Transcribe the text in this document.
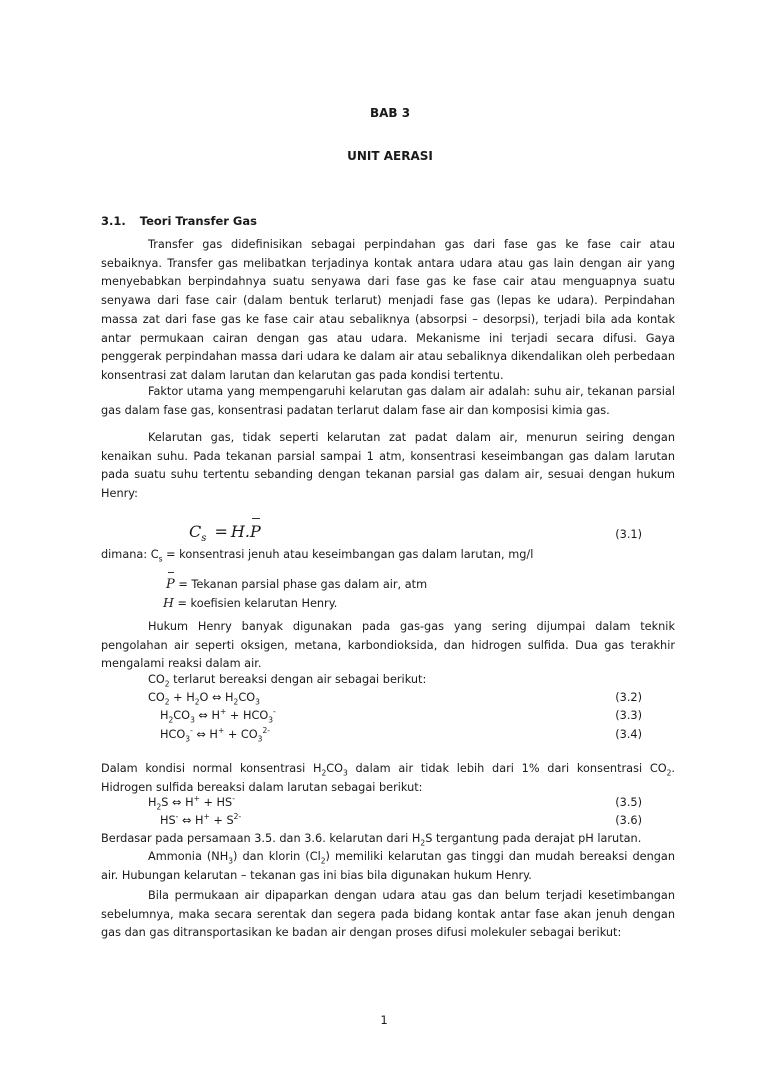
BAB 3
UNIT AERASI
3.1. Teori Transfer Gas

Transfer gas didefinisikan sebagai perpindahan gas dari fase gas ke fase cair atau sebaiknya. Transfer gas melibatkan terjadinya kontak antara udara atau gas lain dengan air yang menyebabkan berpindahnya suatu senyawa dari fase gas ke fase cair atau menguapnya suatu senyawa dari fase cair (dalam bentuk terlarut) menjadi fase gas (lepas ke udara). Perpindahan massa zat dari fase gas ke fase cair atau sebaliknya (absorpsi – desorpsi), terjadi bila ada kontak antar permukaan cairan dengan gas atau udara. Mekanisme ini terjadi secara difusi. Gaya penggerak perpindahan massa dari udara ke dalam air atau sebaliknya dikendalikan oleh perbedaan konsentrasi zat dalam larutan dan kelarutan gas pada kondisi tertentu.

Faktor utama yang mempengaruhi kelarutan gas dalam air adalah: suhu air, tekanan parsial gas dalam fase gas, konsentrasi padatan terlarut dalam fase air dan komposisi kimia gas.

Kelarutan gas, tidak seperti kelarutan zat padat dalam air, menurun seiring dengan kenaikan suhu. Pada tekanan parsial sampai 1 atm, konsentrasi keseimbangan gas dalam larutan pada suatu suhu tertentu sebanding dengan tekanan parsial gas dalam air, sesuai dengan hukum Henry:

$C_s = H.P$	(3.1)
dimana: $C_s$ = konsentrasi jenuh atau keseimbangan gas dalam larutan, mg/l
P = Tekanan parsial phase gas dalam air, atm
H = koefisien kelarutan Henry.

Hukum Henry banyak digunakan pada gas-gas yang sering dijumpai dalam teknik pengolahan air seperti oksigen, metana, karbondioksida, dan hidrogen sulfida. Dua gas terakhir mengalami reaksi dalam air.

$CO_2$ terlarut bereaksi dengan air sebagai berikut:
$CO_2 + H_2O$ ⇔ $H_2CO_3$	(3.2)
$H_2CO_3$ ⇔ $H^+ + HCO_3^-$	(3.3)
$HCO_3^-$ ⇔ $H^+ + CO_3^{2-}$	(3.4)

Dalam kondisi normal konsentrasi $H_2CO_3$ dalam air tidak lebih dari 1% dari konsentrasi $CO_2$. Hidrogen sulfida bereaksi dalam larutan sebagai berikut:

$H_2S$ ⇔ H+ + HS-	(3.5)
HS- ⇔ $H^+ + S^{2-}$	(3.6)
Berdasar pada persamaan 3.5. dan 3.6. kelarutan dari $H_2S$ tergantung pada derajat pH larutan.

Ammonia $(NH_3)$ dan klorin $(Cl_2)$ memiliki kelarutan gas tinggi dan mudah bereaksi dengan air. Hubungan kelarutan – tekanan gas ini bias bila digunakan hukum Henry.

Bila permukaan air dipaparkan dengan udara atau gas dan belum terjadi kesetimbangan sebelumnya, maka secara serentak dan segera pada bidang kontak antar fase akan jenuh dengan gas dan gas ditransportasikan ke badan air dengan proses difusi molekuler sebagai berikut:

1
